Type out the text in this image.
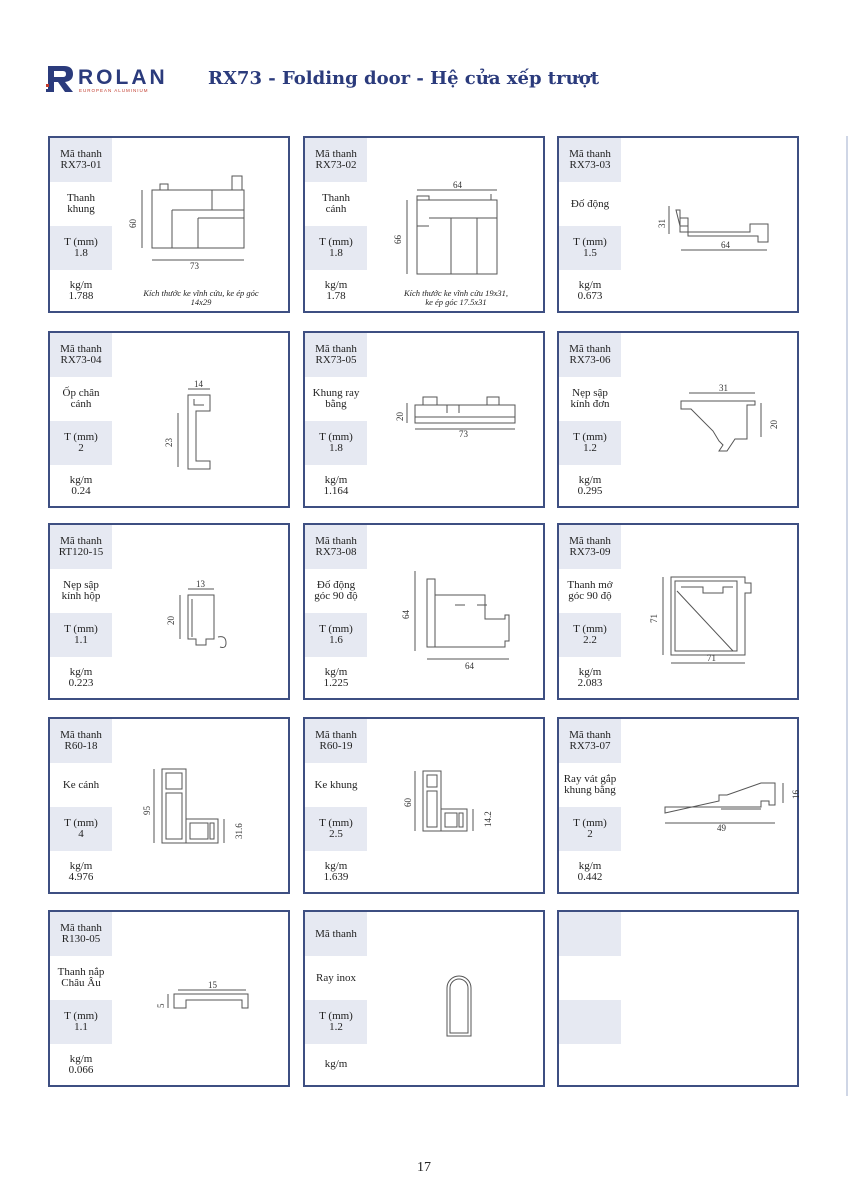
ROLAN
EUROPEAN ALUMINIUM
RX73 - Folding door - Hệ cửa xếp trượt
Mã thanh
RX73-01
Thanh
khung
T (mm)
1.8
kg/m
1.788
60
73
Kích thước ke vĩnh cửu, ke ép góc
14x29
Mã thanh
RX73-02
Thanh
cánh
T (mm)
1.8
kg/m
1.78
64
66
Kích thước ke vĩnh cửu 19x31,
ke ép góc 17.5x31
Mã thanh
RX73-03
Đố động
T (mm)
1.5
kg/m
0.673
31
64
Mã thanh
RX73-04
Ốp chân
cánh
T (mm)
2
kg/m
0.24
14
23
Mã thanh
RX73-05
Khung ray
bằng
T (mm)
1.8
kg/m
1.164
20
73
Mã thanh
RX73-06
Nẹp sập
kính đơn
T (mm)
1.2
kg/m
0.295
31
20
Mã thanh
RT120-15
Nẹp sập
kính hộp
T (mm)
1.1
kg/m
0.223
13
20
Mã thanh
RX73-08
Đố động
góc 90 độ
T (mm)
1.6
kg/m
1.225
64
64
Mã thanh
RX73-09
Thanh mở
góc 90 độ
T (mm)
2.2
kg/m
2.083
71
71
Mã thanh
R60-18
Ke cánh
T (mm)
4
kg/m
4.976
95
31.6
Mã thanh
R60-19
Ke khung
T (mm)
2.5
kg/m
1.639
60
14.2
Mã thanh
RX73-07
Ray vát gắp
khung bằng
T (mm)
2
kg/m
0.442
16
49
Mã thanh
R130-05
Thanh nắp
Châu Âu
T (mm)
1.1
kg/m
0.066
15
5
Mã thanh
Ray inox
T (mm)
1.2
kg/m
17
